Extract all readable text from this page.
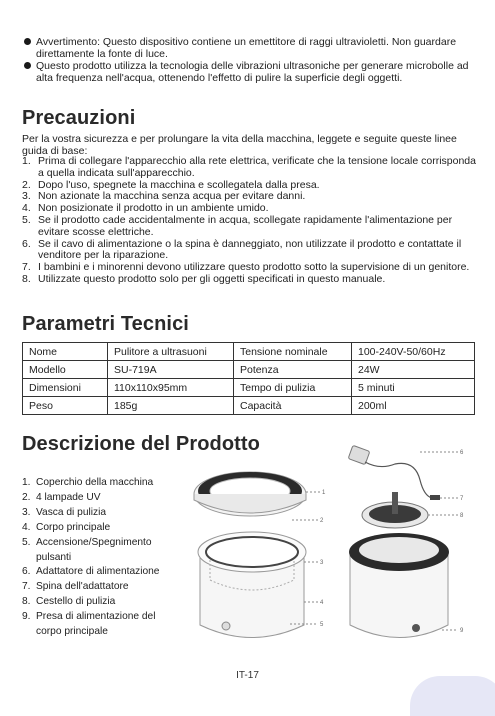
Avvertimento: Questo dispositivo contiene un emettitore di raggi ultravioletti. Non guardare direttamente la fonte di luce.
Questo prodotto utilizza la tecnologia delle vibrazioni ultrasoniche per generare microbolle ad alta frequenza nell'acqua, ottenendo l'effetto di pulire la superficie degli oggetti.
Precauzioni
Per la vostra sicurezza e per prolungare la vita della macchina, leggete e seguite queste linee guida di base:
1. Prima di collegare l'apparecchio alla rete elettrica, verificate che la tensione locale corrisponda a quella indicata sull'apparecchio.
2. Dopo l'uso, spegnete la macchina e scollegatela dalla presa.
3. Non azionate la macchina senza acqua per evitare danni.
4. Non posizionate il prodotto in un ambiente umido.
5. Se il prodotto cade accidentalmente in acqua, scollegate rapidamente l'alimentazione per evitare scosse elettriche.
6. Se il cavo di alimentazione o la spina è danneggiato, non utilizzate il prodotto e contattate il venditore per la riparazione.
7. I bambini e i minorenni devono utilizzare questo prodotto sotto la supervisione di un genitore.
8. Utilizzate questo prodotto solo per gli oggetti specificati in questo manuale.
Parametri Tecnici
Nome	Pulitore a ultrasuoni	Tensione nominale	100-240V-50/60Hz
Modello	SU-719A	Potenza	24W
Dimensioni	110x110x95mm	Tempo di pulizia	5 minuti
Peso	185g	Capacità	200ml
Descrizione del Prodotto
1. Coperchio della macchina
2. 4 lampade UV
3. Vasca di pulizia
4. Corpo principale
5. Accensione/Spegnimento pulsanti
6. Adattatore di alimentazione
7. Spina dell'adattatore
8. Cestello di pulizia
9. Presa di alimentazione del corpo principale
1
2
3
4
5
6
7
8
9
IT-17
